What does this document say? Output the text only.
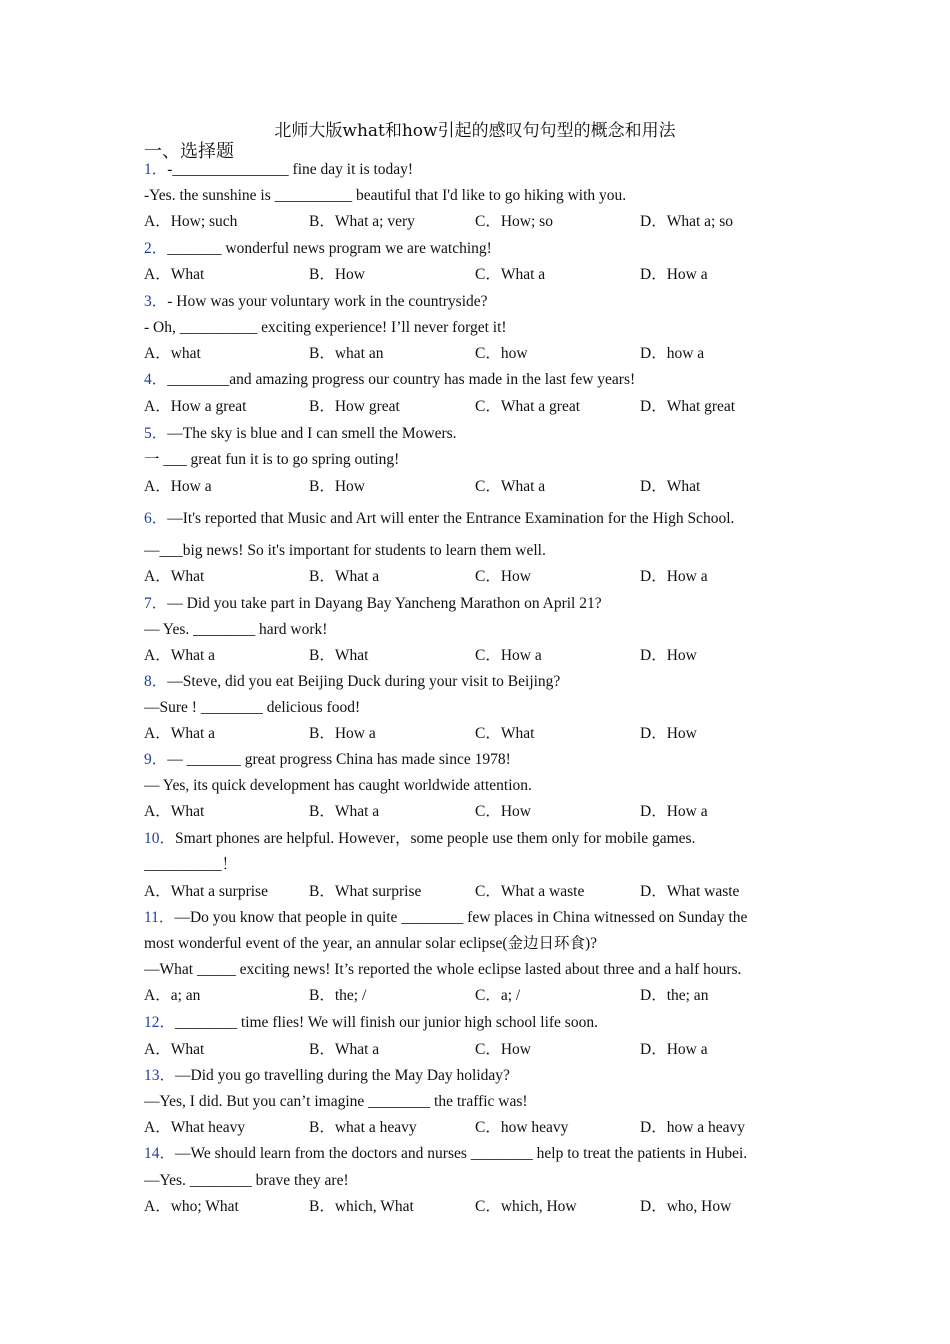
北师大版what和how引起的感叹句句型的概念和用法
一、选择题
1．-_______________ fine day it is today!
-Yes. the sunshine is __________ beautiful that I'd like to go hiking with you.
A．How; such	B．What a; very	C．How; so	D．What a; so
2．_______ wonderful news program we are watching!
A．What	B．How	C．What a	D．How a
3．- How was your voluntary work in the countryside?
- Oh, __________ exciting experience! I’ll never forget it!
A．what	B．what an	C．how	D．how a
4．________and amazing progress our country has made in the last few years!
A．How a great	B．How great	C．What a great	D．What great
5．—The sky is blue and I can smell the Mowers.
一 ___ great fun it is to go spring outing!
A．How a	B．How	C．What a	D．What
6．—It's reported that Music and Art will enter the Entrance Examination for the High School.
—___big news! So it's important for students to learn them well.
A．What	B．What a	C．How	D．How a
7．— Did you take part in Dayang Bay Yancheng Marathon on April 21?
— Yes. ________ hard work!
A．What a	B．What	C．How a	D．How
8．—Steve, did you eat Beijing Duck during your visit to Beijing?
—Sure ! ________ delicious food!
A．What a	B．How a	C．What	D．How
9．— _______ great progress China has made since 1978!
— Yes, its quick development has caught worldwide attention.
A．What	B．What a	C．How	D．How a
10．Smart phones are helpful. However，some people use them only for mobile games.
__________！
A．What a surprise	B．What surprise	C．What a waste	D．What waste
11．—Do you know that people in quite ________ few places in China witnessed on Sunday the
most wonderful event of the year, an annular solar eclipse(金边日环食)?
—What _____ exciting news! It’s reported the whole eclipse lasted about three and a half hours.
A．a; an	B．the; /	C．a; /	D．the; an
12．________ time flies! We will finish our junior high school life soon.
A．What	B．What a	C．How	D．How a
13．—Did you go travelling during the May Day holiday?
—Yes, I did. But you can’t imagine ________ the traffic was!
A．What heavy	B．what a heavy	C．how heavy	D．how a heavy
14．—We should learn from the doctors and nurses ________ help to treat the patients in Hubei.
—Yes. ________ brave they are!
A．who; What	B．which, What	C．which, How	D．who, How
